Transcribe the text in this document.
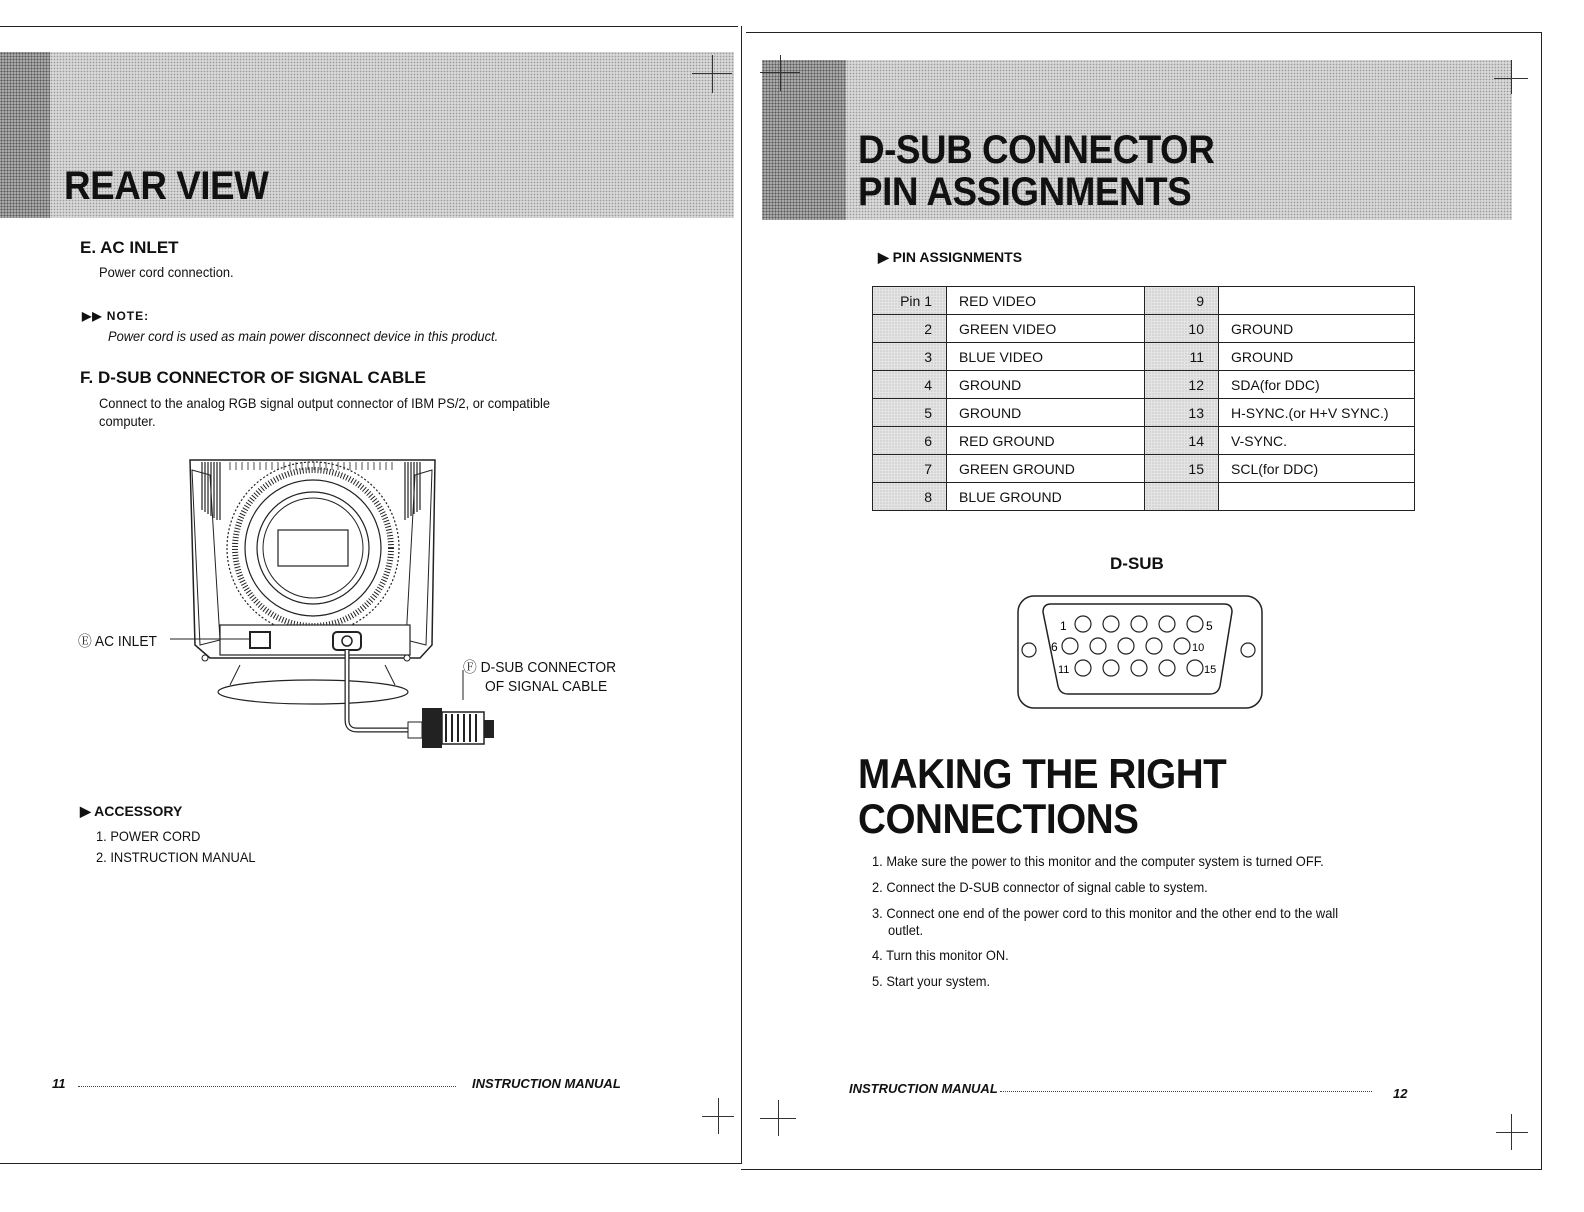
REAR VIEW
E. AC INLET
Power cord connection.
▶▶ NOTE:
Power cord is used as main power disconnect device in this product.
F. D-SUB CONNECTOR OF SIGNAL CABLE
Connect to the analog RGB signal output connector of IBM PS/2, or compatible
computer.
Ⓔ AC INLET
Ⓕ D-SUB CONNECTOR
OF SIGNAL CABLE
▶ ACCESSORY
1. POWER CORD
2. INSTRUCTION MANUAL
11	INSTRUCTION MANUAL
D-SUB CONNECTOR
PIN ASSIGNMENTS
▶ PIN ASSIGNMENTS
Pin 1	RED VIDEO	9	
2	GREEN VIDEO	10	GROUND
3	BLUE VIDEO	11	GROUND
4	GROUND	12	SDA(for DDC)
5	GROUND	13	H-SYNC.(or H+V SYNC.)
6	RED GROUND	14	V-SYNC.
7	GREEN GROUND	15	SCL(for DDC)
8	BLUE GROUND		
D-SUB
1	5
6	10
11	15
MAKING THE RIGHT
CONNECTIONS
1. Make sure the power to this monitor and the computer system is turned OFF.
2. Connect the D-SUB connector of signal cable to system.
3. Connect one end of the power cord to this monitor and the other end to the wall
outlet.
4. Turn this monitor ON.
5. Start your system.
INSTRUCTION MANUAL	12
